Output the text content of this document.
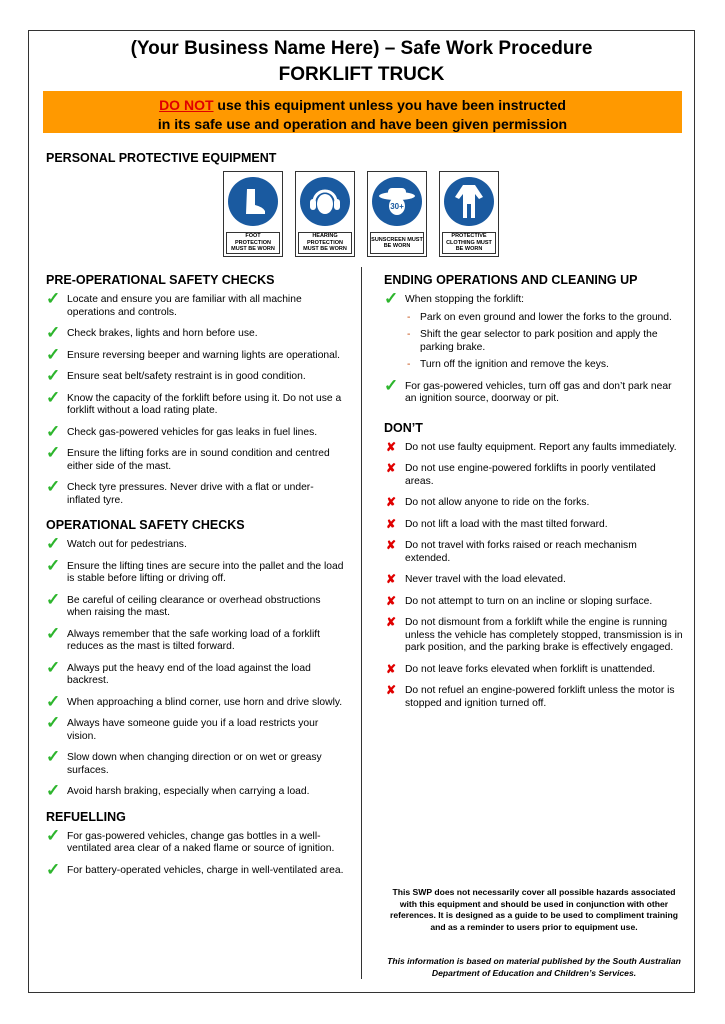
(Your Business Name Here) – Safe Work Procedure
FORKLIFT TRUCK
DO NOT use this equipment unless you have been instructed
in its safe use and operation and have been given permission
PERSONAL PROTECTIVE EQUIPMENT
FOOT PROTECTION MUST BE WORN
HEARING PROTECTION MUST BE WORN
30+
SUNSCREEN MUST BE WORN
PROTECTIVE CLOTHING MUST BE WORN
PRE-OPERATIONAL SAFETY CHECKS
✓ Locate and ensure you are familiar with all machine operations and controls.
✓ Check brakes, lights and horn before use.
✓ Ensure reversing beeper and warning lights are operational.
✓ Ensure seat belt/safety restraint is in good condition.
✓ Know the capacity of the forklift before using it. Do not use a forklift without a load rating plate.
✓ Check gas-powered vehicles for gas leaks in fuel lines.
✓ Ensure the lifting forks are in sound condition and centred either side of the mast.
✓ Check tyre pressures. Never drive with a flat or under-inflated tyre.
OPERATIONAL SAFETY CHECKS
✓ Watch out for pedestrians.
✓ Ensure the lifting tines are secure into the pallet and the load is stable before lifting or driving off.
✓ Be careful of ceiling clearance or overhead obstructions when raising the mast.
✓ Always remember that the safe working load of a forklift reduces as the mast is tilted forward.
✓ Always put the heavy end of the load against the load backrest.
✓ When approaching a blind corner, use horn and drive slowly.
✓ Always have someone guide you if a load restricts your vision.
✓ Slow down when changing direction or on wet or greasy surfaces.
✓ Avoid harsh braking, especially when carrying a load.
REFUELLING
✓ For gas-powered vehicles, change gas bottles in a well-ventilated area clear of a naked flame or source of ignition.
✓ For battery-operated vehicles, charge in well-ventilated area.
ENDING OPERATIONS AND CLEANING UP
✓ When stopping the forklift:
- Park on even ground and lower the forks to the ground.
- Shift the gear selector to park position and apply the parking brake.
- Turn off the ignition and remove the keys.
✓ For gas-powered vehicles, turn off gas and don’t park near an ignition source, doorway or pit.
DON’T
✘ Do not use faulty equipment. Report any faults immediately.
✘ Do not use engine-powered forklifts in poorly ventilated areas.
✘ Do not allow anyone to ride on the forks.
✘ Do not lift a load with the mast tilted forward.
✘ Do not travel with forks raised or reach mechanism extended.
✘ Never travel with the load elevated.
✘ Do not attempt to turn on an incline or sloping surface.
✘ Do not dismount from a forklift while the engine is running unless the vehicle has completely stopped, transmission is in park position, and the parking brake is effectively engaged.
✘ Do not leave forks elevated when forklift is unattended.
✘ Do not refuel an engine-powered forklift unless the motor is stopped and ignition turned off.
This SWP does not necessarily cover all possible hazards associated with this equipment and should be used in conjunction with other references. It is designed as a guide to be used to compliment training and as a reminder to users prior to equipment use.
This information is based on material published by the South Australian Department of Education and Children’s Services.
